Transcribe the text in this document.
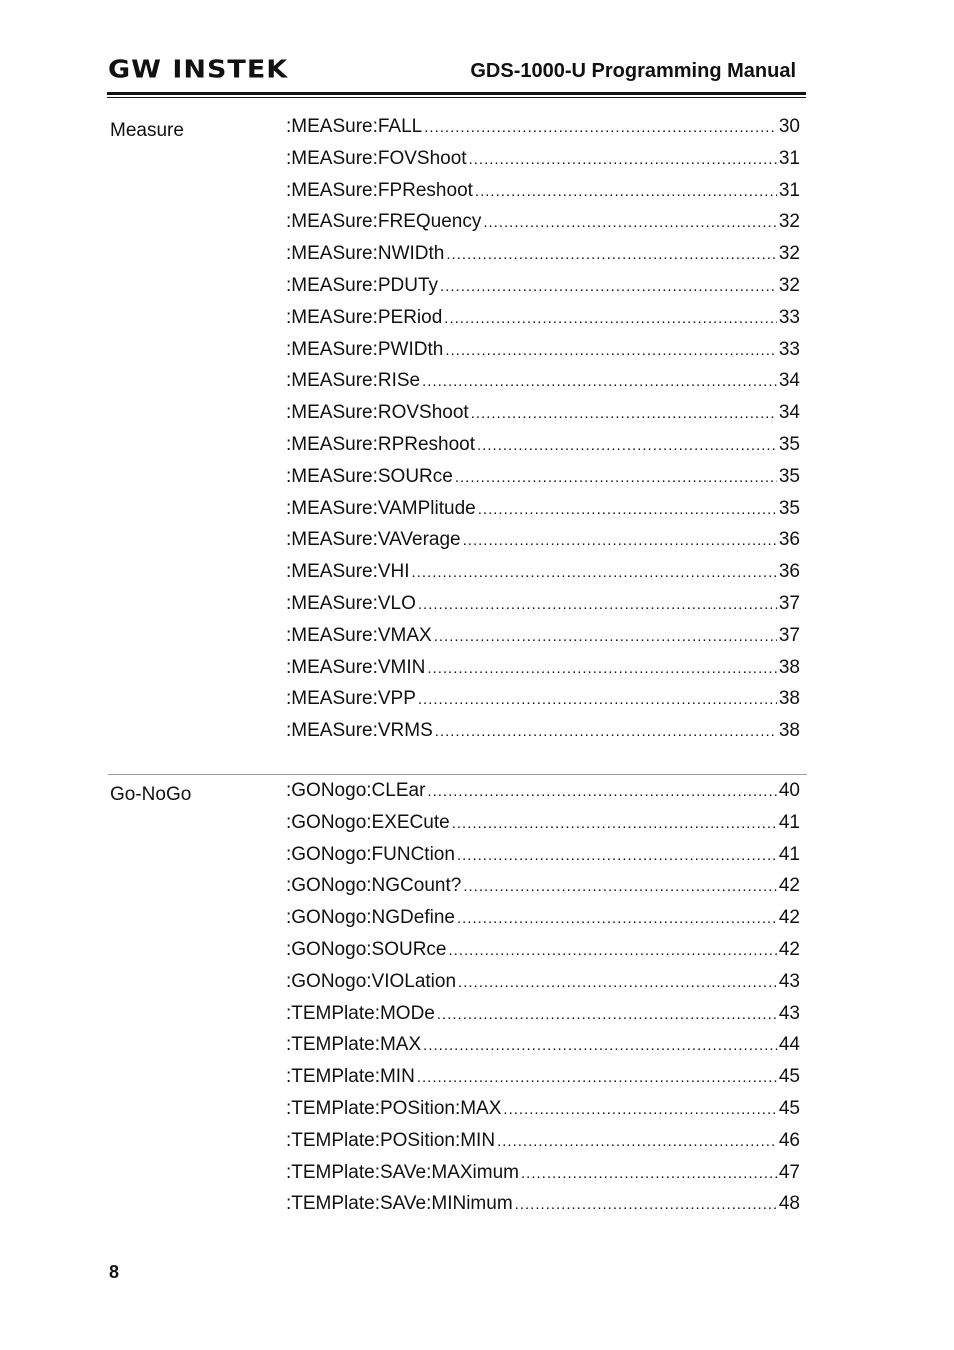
GW INSTEK	GDS-1000-U Programming Manual
Measure	:MEASure:FALL .....	30
:MEASure:FOVShoot .....	31
:MEASure:FPReshoot .....	31
:MEASure:FREQuency .....	32
:MEASure:NWIDth .....	32
:MEASure:PDUTy .....	32
:MEASure:PERiod .....	33
:MEASure:PWIDth .....	33
:MEASure:RISe .....	34
:MEASure:ROVShoot .....	34
:MEASure:RPReshoot .....	35
:MEASure:SOURce .....	35
:MEASure:VAMPlitude .....	35
:MEASure:VAVerage .....	36
:MEASure:VHI .....	36
:MEASure:VLO .....	37
:MEASure:VMAX .....	37
:MEASure:VMIN .....	38
:MEASure:VPP .....	38
:MEASure:VRMS .....	38
Go-NoGo	:GONogo:CLEar .....	40
:GONogo:EXECute .....	41
:GONogo:FUNCtion .....	41
:GONogo:NGCount? .....	42
:GONogo:NGDefine .....	42
:GONogo:SOURce .....	42
:GONogo:VIOLation .....	43
:TEMPlate:MODe .....	43
:TEMPlate:MAX .....	44
:TEMPlate:MIN .....	45
:TEMPlate:POSition:MAX .....	45
:TEMPlate:POSition:MIN .....	46
:TEMPlate:SAVe:MAXimum .....	47
:TEMPlate:SAVe:MINimum .....	48
8
